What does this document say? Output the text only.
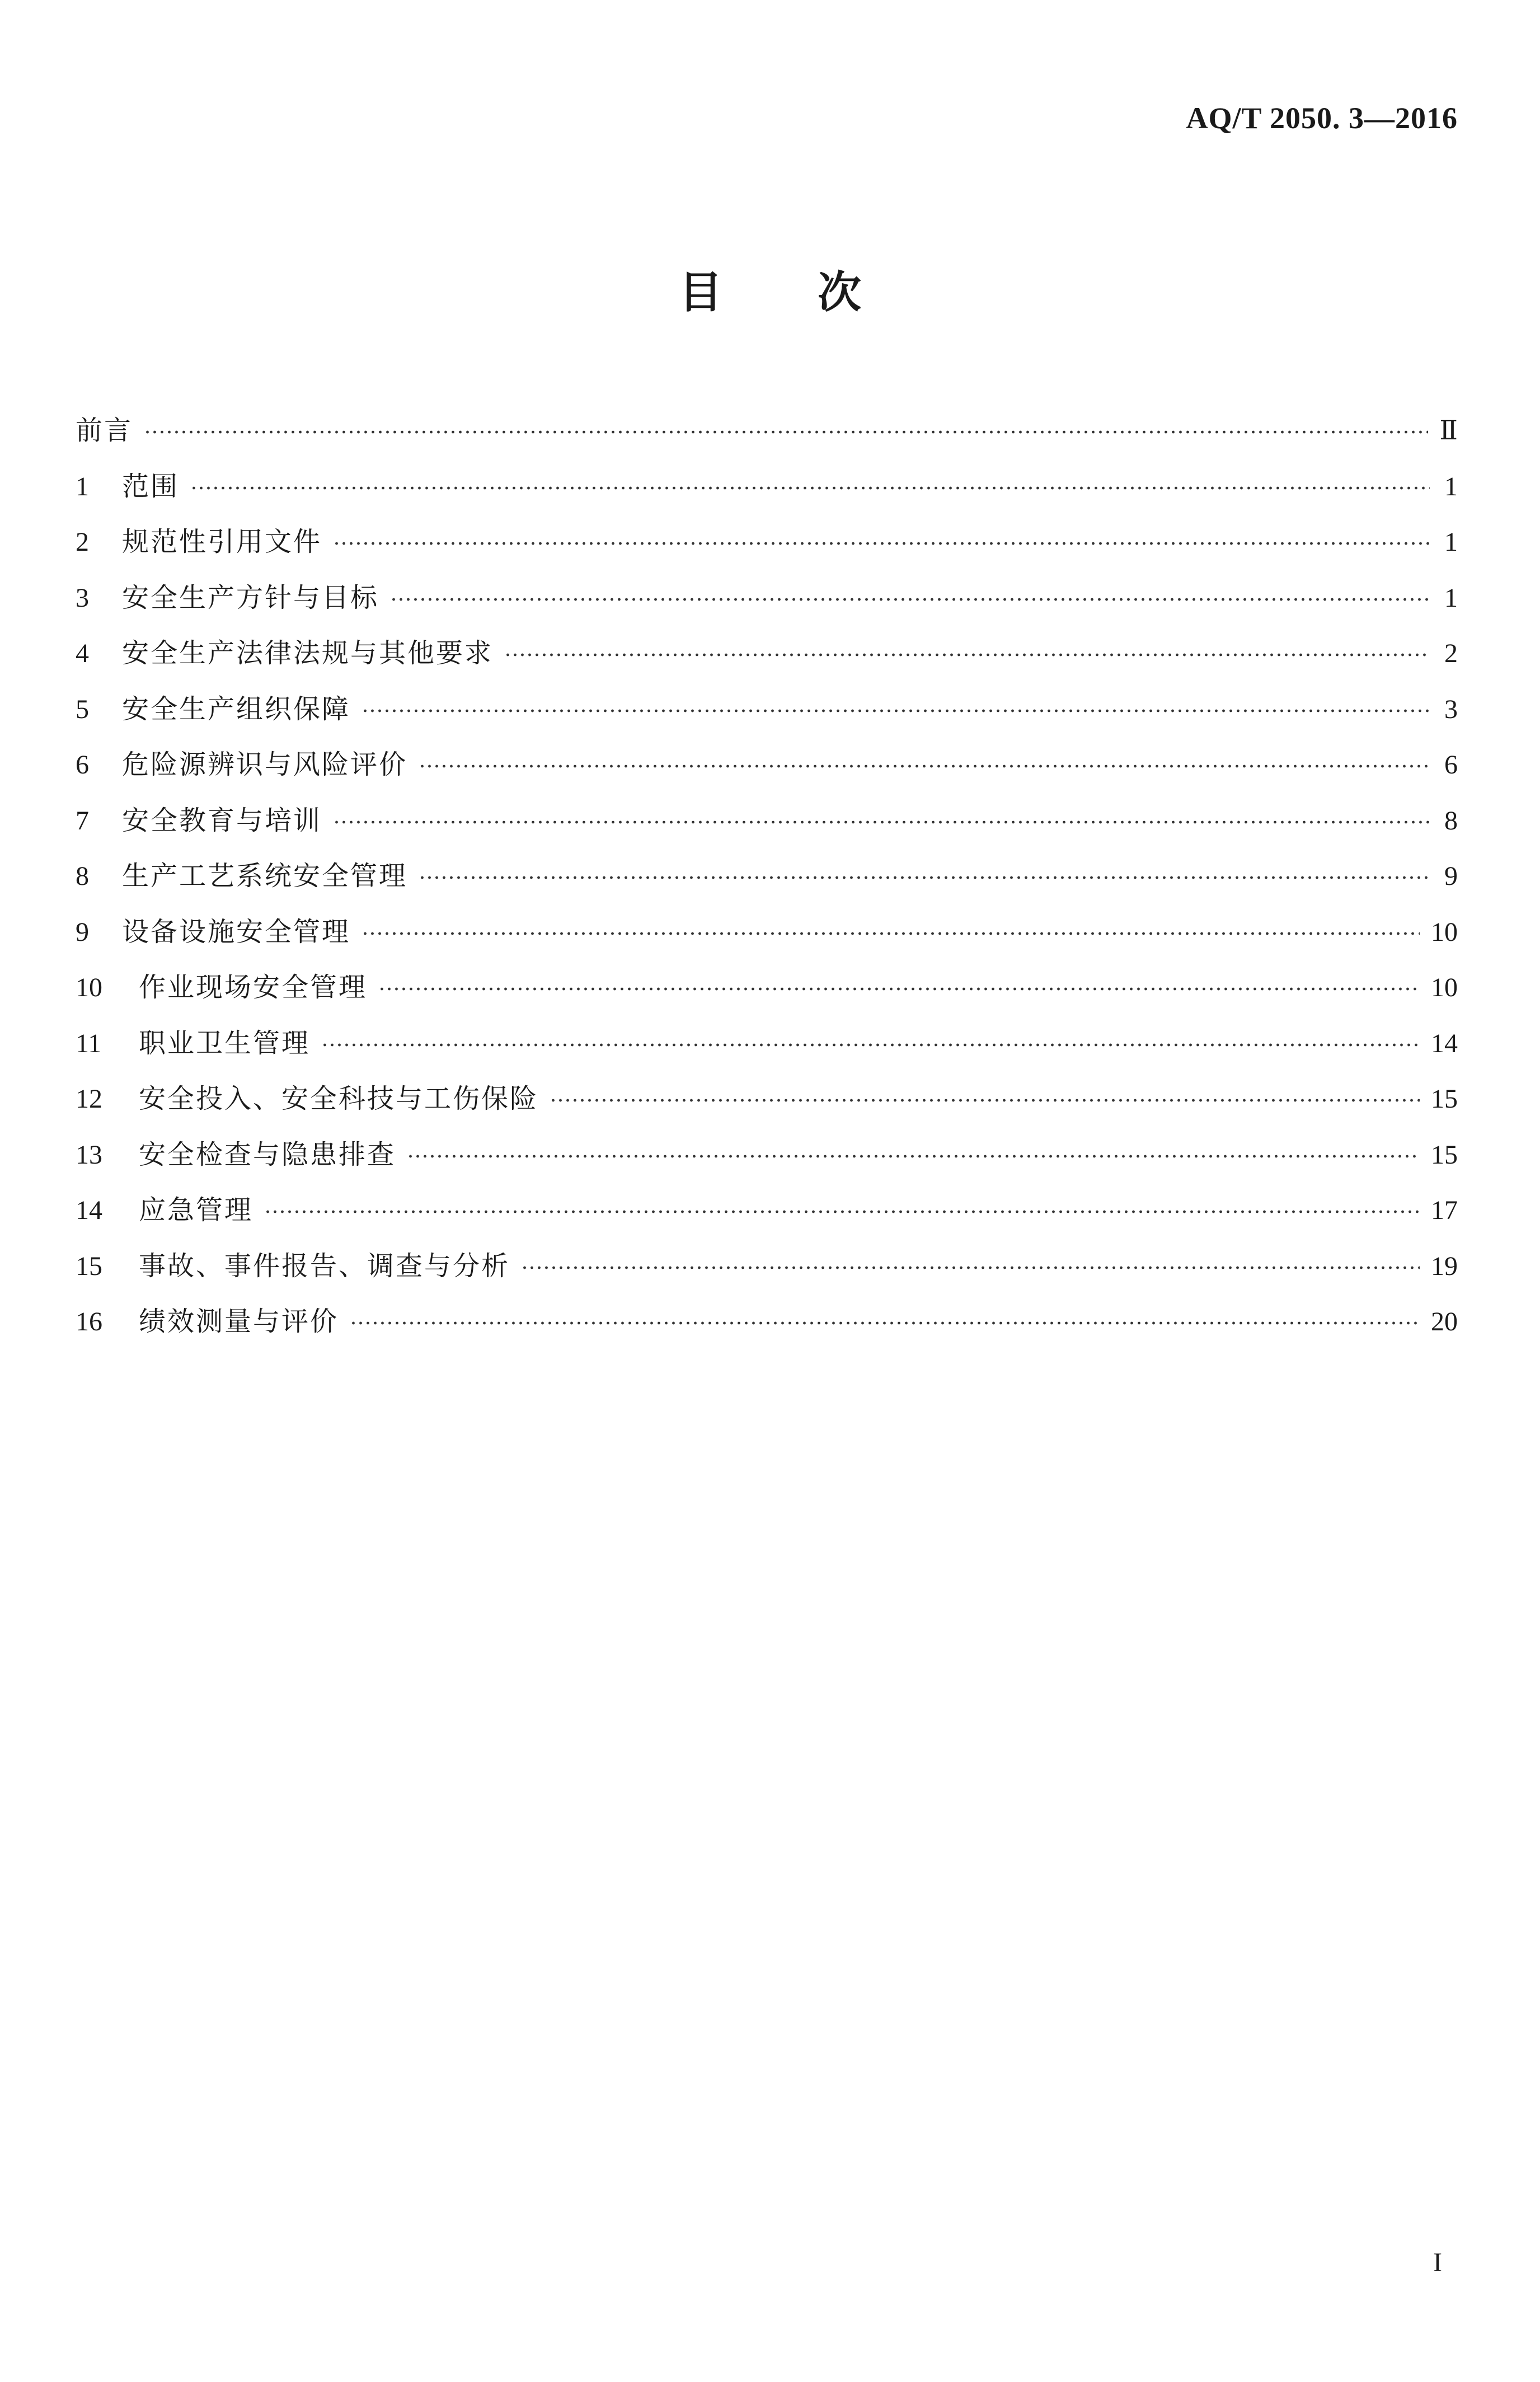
AQ/T 2050. 3—2016
目次
前言	Ⅱ
1	范围	1
2	规范性引用文件	1
3	安全生产方针与目标	1
4	安全生产法律法规与其他要求	2
5	安全生产组织保障	3
6	危险源辨识与风险评价	6
7	安全教育与培训	8
8	生产工艺系统安全管理	9
9	设备设施安全管理	10
10	作业现场安全管理	10
11	职业卫生管理	14
12	安全投入、安全科技与工伤保险	15
13	安全检查与隐患排查	15
14	应急管理	17
15	事故、事件报告、调查与分析	19
16	绩效测量与评价	20
I
